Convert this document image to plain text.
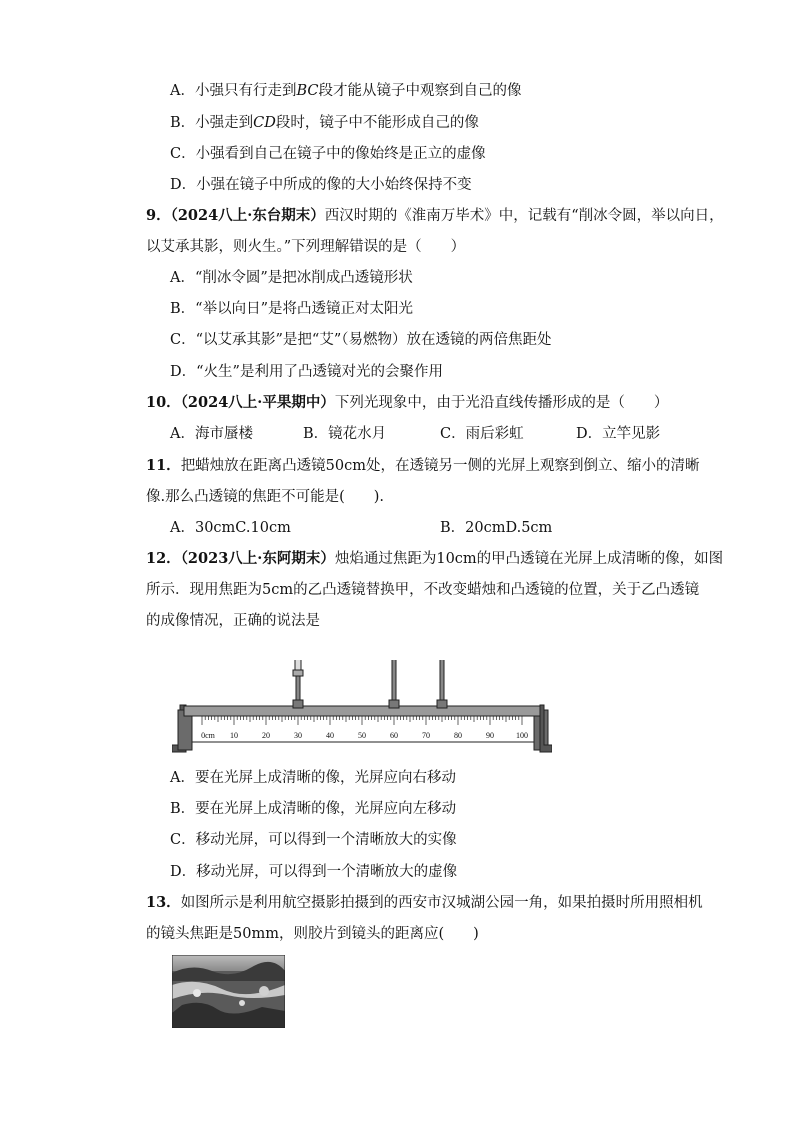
A．小强只有行走到BC段才能从镜子中观察到自己的像
B．小强走到CD段时，镜子中不能形成自己的像
C．小强看到自己在镜子中的像始终是正立的虚像
D．小强在镜子中所成的像的大小始终保持不变
9．（2024八上·东台期末）西汉时期的《淮南万毕术》中，记载有“削冰令圆，举以向日，
以艾承其影，则火生。”下列理解错误的是（　　）
A．“削冰令圆”是把冰削成凸透镜形状
B．“举以向日”是将凸透镜正对太阳光
C．“以艾承其影”是把“艾”（易燃物）放在透镜的两倍焦距处
D．“火生”是利用了凸透镜对光的会聚作用
10．（2024八上·平果期中）下列光现象中，由于光沿直线传播形成的是（　　）
A．海市蜃楼	B．镜花水月	C．雨后彩虹	D．立竿见影
11．把蜡烛放在距离凸透镜50cm处，在透镜另一侧的光屏上观察到倒立、缩小的清晰
像.那么凸透镜的焦距不可能是(　　).
A．30cmC.10cm	B．20cmD.5cm
12．（2023八上·东阿期末）烛焰通过焦距为10cm的甲凸透镜在光屏上成清晰的像，如图
所示．现用焦距为5cm的乙凸透镜替换甲，不改变蜡烛和凸透镜的位置，关于乙凸透镜
的成像情况，正确的说法是
0cm 10	20	30	40	50	60	70	80	90	100
A．要在光屏上成清晰的像，光屏应向右移动
B．要在光屏上成清晰的像，光屏应向左移动
C．移动光屏，可以得到一个清晰放大的实像
D．移动光屏，可以得到一个清晰放大的虚像
13．如图所示是利用航空摄影拍摄到的西安市汉城湖公园一角，如果拍摄时所用照相机
的镜头焦距是50mm，则胶片到镜头的距离应(　　)
